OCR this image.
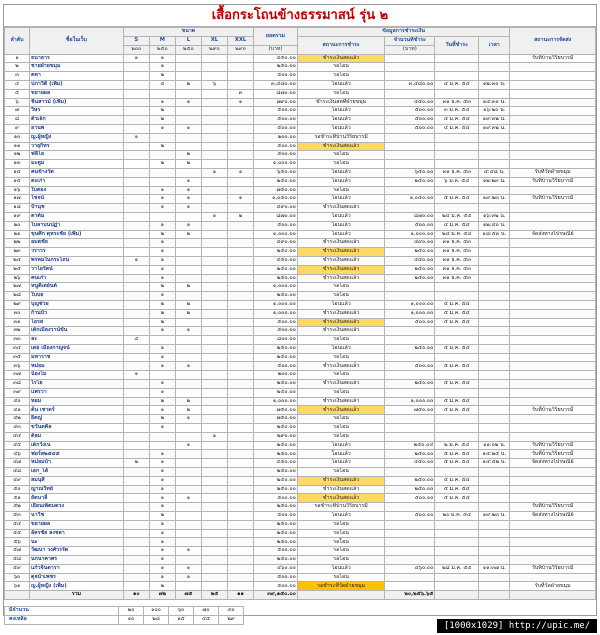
เสื้อกระโถนข้างธรรมาสน์ รุ่น ๒
ลำดับ	ชื่อในเว็บ	ขนาด					ยอดรวม	ข้อมูลการชำระเงิน				สถานะการจัดส่ง
		S	M	L	XL	XXL		สถานะการชำระ	จำนวนที่ชำระ	วันที่ชำระ	เวลา	
		๒๐๐	๒๕๐	๒๕๐	๒๙๐	๒๙๐	(บาท)		(บาท)			
๑	ธนาธาร	๑	๑				๔๕๐.๐๐	ชำระเงินสดแล้ว				รับที่บ้านวิริยบารมี
๒	ชายฝ่ายขมุม		๑				๒๕๐.๐๐	รอโอน				
๓	ตตา		๒				๕๐๐.๐๐	รอโอน				
๔	ปภาวิดี (เพิ่ม)		๔	๒	๖		๓,๔๘๐.๐๐	โอนแล้ว	๓,๔๘๐.๐๐	๔ ม.ค. ๕๔	๑๒:๓๐ น.	
๕	ขยายผล					๓	๘๗๐.๐๐	รอโอน				
๖	ชินสาวม์ (เพิ่ม)		๑	๑		๑	๗๙๐.๐๐	ชำระเงินสดที่ฝ่ายขมุม	๔๕๐.๐๐	๓๑ ธ.ค. ๕๓	๑๔:๓๐ น.	
๗	วิษร		๒				๕๐๐.๐๐	โอนแล้ว	๕๐๐.๐๐	๓ ม.ค. ๕๔	๑๖:๒๐ น.	
๘	ตัวเล็ก		๒				๕๐๐.๐๐	โอนแล้ว	๕๐๐.๐๐	๔ ม.ค. ๕๔	๑๙:๓๒ น.	
๙	อานพ		๑	๑			๕๐๐.๐๐	โอนแล้ว	๕๐๐.๐๐	๔ ม.ค. ๕๔	๑๙:๓๒ น.	
๑๐	ญ.ผู้หญิง	๑					๒๐๐.๐๐	รอชำระที่บ้านวิริยบารมี				
๑๑	วายุกิทร		๒				๕๐๐.๐๐	ชำระเงินสดแล้ว				
๑๒	ฟลีโอ			๒			๕๐๐.๐๐	รอโอน				
๑๓	มะตูม		๒	๒			๑,๐๐๐.๐๐	รอโอน				
๑๔	คนข้างวัด				๑	๑	๖๕๐.๐๐	โอนแล้ว	๖๕๐.๐๐	๓๑ ธ.ค. ๕๓	๔:๔๘ น.	รับที่วัดฝ่ายขมุม
๑๕	ตะเก่า			๑			๒๕๐.๐๐	โอนแล้ว	๒๕๐.๐๐	๖ ม.ค. ๕๔	๑๒:๒๓ น.	รับที่บ้านวิริยบารมี
๑๖	ใบตอง		๑	๑			๗๕๐.๐๐	รอโอน				
๑๗	โชจน์		๑	๑		๑	๑,๐๕๐.๐๐	โอนแล้ว	๑,๐๕๐.๐๐	๕ ม.ค. ๕๔	๑๙:๒๓ น.	รับที่บ้านวิริยบารมี
๑๘	ป้านุช		๑	๑			๔๙๐.๐๐	ชำระเงินสดแล้ว				
๑๙	ตาต้ม				๑	๒	๘๗๐.๐๐	โอนแล้ว	๘๗๐.๐๐	๒๔ ม.ค. ๕๔	๑๖:๓๒ น.	
๒๐	ไบลาบนปฏ่า		๑	๑			๕๐๐.๐๐	โอนแล้ว	๕๐๐.๐๐	๔ ม.ค. ๕๔	๑๒:๔๐ น.	
๒๑	ขุนศึก ดุหระชัย (เพิ่ม)		๒	๒			๑,๐๐๐.๐๐	โอนแล้ว	๑,๐๐๐.๐๐	๒๔ ม.ค. ๕๔	๑๘:๕๓ น.	จัดส่งทางไปรษณีย์
๒๒	อมตชัย		๑				๔๙๐.๐๐	ชำระเงินสดแล้ว	๔๙๐.๐๐	๓๑ ธ.ค. ๕๓		
๒๓	วราวร		๑				๒๕๐.๐๐	ชำระเงินสดแล้ว	๒๕๐.๐๐	๓๑ ธ.ค. ๕๓		
๒๔	พรหมในกระโถน	๑	๑				๔๕๐.๐๐	ชำระเงินสดแล้ว	๔๕๐.๐๐	๓๑ ธ.ค. ๕๓		
๒๕	วาโยรัตน์		๑				๒๕๐.๐๐	ชำระเงินสดแล้ว	๒๕๐.๐๐	๓๑ ธ.ค. ๕๓		
๒๖	คนเก่า		๑				๒๕๐.๐๐	ชำระเงินสดแล้ว	๒๕๐.๐๐	๓๑ ธ.ค. ๕๓		
๒๗	หนูดีเดย์นต์		๒	๒			๑,๐๐๐.๐๐	รอโอน				
๒๘	ใบบอ		๑				๒๕๐.๐๐	รอโอน				
๒๙	บุญช่วย		๒	๒			๑,๐๐๐.๐๐	โอนแล้ว	๑,๐๐๐.๐๐	๕ ม.ค. ๕๔		
๓๐	ก้านบัว		๒	๒			๑,๐๐๐.๐๐	ชำระเงินสดแล้ว	๑,๐๐๐.๐๐	๕ ม.ค. ๕๔		
๓๑	โอรส		๒				๕๐๐.๐๐	ชำระเงินสดแล้ว	๕๐๐.๐๐	๕ ม.ค. ๕๔		
๓๒	เด็กเมืองวาน์ขั้น		๑	๑			๕๐๐.๐๐	ชำระเงินสดแล้ว				
๓๓	ละ	๔					๘๐๐.๐๐	รอโอน				
๓๔	เดย เมืองกาญจน์		๑				๒๕๐.๐๐	โอนแล้ว	๒๕๐.๐๐	๕ ม.ค. ๕๔		
๓๕	มหาราช		๑				๒๕๐.๐๐	รอโอน				
๓๖	หม่อม		๑	๑			๕๐๐.๐๐	ชำระเงินสดแล้ว	๕๐๐.๐๐	๕ ม.ค. ๕๔		
๓๗	น้องไม	๑					๒๐๐.๐๐	รอโอน				
๓๘	ไรโย		๑				๒๕๐.๐๐	ชำระเงินสดแล้ว	๒๕๐.๐๐	๕ ม.ค. ๕๔		
๓๙	แพรวา		๑				๒๕๐.๐๐	รอโอน				
๔๐	หอม		๒	๒			๑,๐๐๐.๐๐	ชำระเงินสดแล้ว	๑,๐๐๐.๐๐	๕ ม.ค. ๕๔		
๔๑	ต้น เชาตร์		๑	๒			๗๕๐.๐๐	ชำระเงินสดแล้ว	๗๕๐.๐๐	๕ ม.ค. ๕๔		รับที่บ้านวิริยบารมี
๔๒	ยิตญ่		๒	๑			๗๕๐.๐๐	รอโอน				
๔๓	ขวันตคิ้ล		๑				๒๕๐.๐๐	รอโอน				
๔๔	ต้อม				๑		๒๙๐.๐๐	รอโอน				
๔๕	เด็กวังเน			๑			๒๕๐.๐๐	โอนแล้ว	๒๕๐.๐๔	๒ ม.ค. ๕๔	๑๑:๐๒ น.	รับที่บ้านวิริยบารมี
๔๖	ฟอร์ส๒๕๔๕		๑				๒๕๐.๐๐	โอนแล้ว	๒๕๐.๐๐	๕ ม.ค. ๕๔	๑๔:๒๕ น.	รับที่บ้านวิริยบารมี
๔๗	หม่อมบ้า	๒	๑				๔๕๐.๐๐	โอนแล้ว	๔๕๐.๐๐	๕ ม.ค. ๕๔	๑๔:๕๒ น.	จัดส่งทางไปรษณีย์
๔๘	เอก_โต้		๑				๒๕๐.๐๐	รอโอน				
๔๙	สมนุสี		๑				๒๕๐.๐๐	ชำระเงินสดแล้ว	๒๕๐.๐๐	๕ ม.ค. ๕๔		
๕๐	ญาณวิทย์		๑				๒๕๐.๐๐	ชำระเงินสดแล้ว	๒๕๐.๐๐	๕ ม.ค. ๕๔		
๕๑	ยัดนาลี		๑	๑			๕๐๐.๐๐	ชำระเงินสดแล้ว	๕๐๐.๐๐	๕ ม.ค. ๕๔		
๕๒	เยื่อนเพ็ตมดวง		๑				๒๕๐.๐๐	รอชำระที่บ้านวิริยบารมี				รับที่บ้านวิริยบารมี
๕๓	นาวีช		๒				๕๐๐.๐๐	โอนแล้ว	๕๐๐.๐๐	๒๐ ม.ค. ๕๔	๑๙:๒๓ น.	จัดส่งทางไปรษณีย์
๕๔	ขยายผล		๑				๒๕๐.๐๐	รอโอน				
๕๕	อัครชัย ลงชลา		๑				๒๕๐.๐๐	รอโอน				
๕๖	นะ		๑				๒๕๐.๐๐	รอโอน				
๕๗	วัฒนา วงศ์วรรัต		๑	๑			๕๐๐.๐๐	รอโอน				
๕๘	นกนาคาศร		๑				๒๕๐.๐๐	รอโอน				
๕๙	แก้วจินดารา		๑	๑			๔๖๐.๐๐	โอนแล้ว	๔๖๐.๐๐	๒๘ ม.ค. ๕๔	๑๑:๓๗ น.	รับที่บ้านวิริยบารมี
๖๐	ดุจน้ำเพชร		๑	๑			๕๐๐.๐๐	รอโอน				
๖๑	ญ.ผู้หญิง (เพิ่ม)		๒				๕๐๐.๐๐	รอชำระที่วัดฝ่ายขมุม				รับที่วัดฝ่ายขมุม
	รวม	๑๐	๗๒	๗๕	๒๕	๑๑	๓๙,๑๕๐.๐๐		๒๐,๒๕๖.๖๕			
มีจำนวน	๒๐	๑๐๐	๖๐	๗๐	๔๐	
คงเหลือ	๑๐	๒๘	๑๕	๔๕	๒๙	
[1000x1029] http://upic.me/
